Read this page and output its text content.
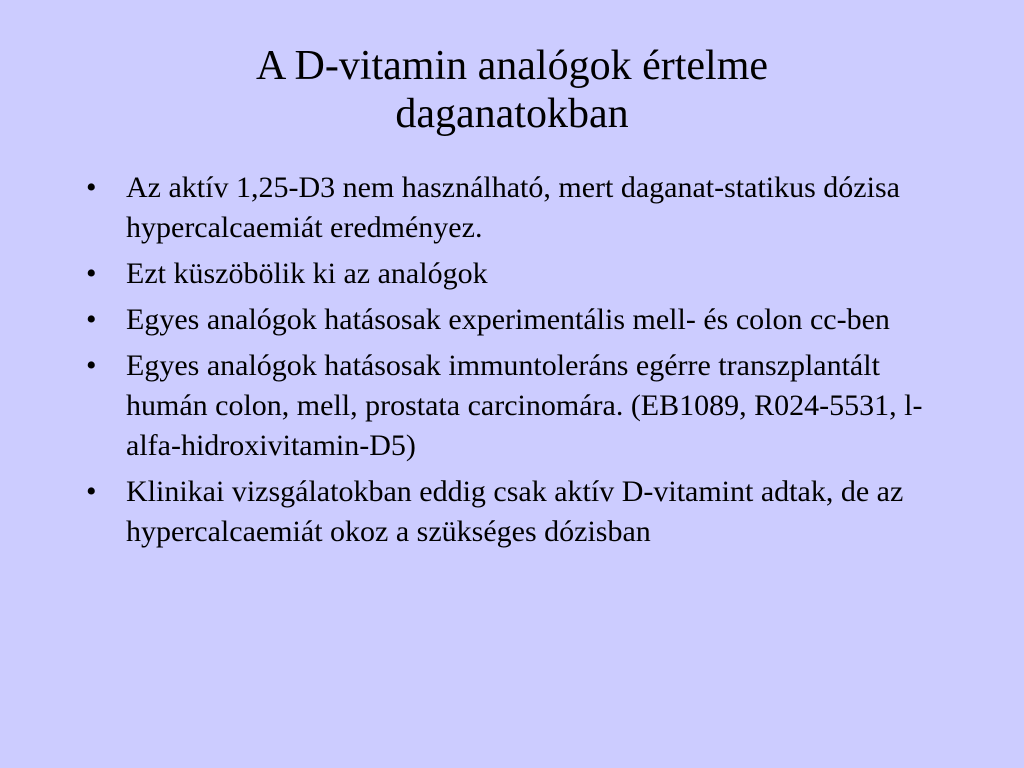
A D-vitamin analógok értelme
daganatokban
• Az aktív 1,25-D3 nem használható, mert daganat-statikus dózisa hypercalcaemiát eredményez.
• Ezt küszöbölik ki az analógok
• Egyes analógok hatásosak experimentális mell- és colon cc-ben
• Egyes analógok hatásosak immuntoleráns egérre transzplantált humán colon, mell, prostata carcinomára. (EB1089, R024-5531, l-alfa-hidroxivitamin-D5)
• Klinikai vizsgálatokban eddig csak aktív D-vitamint adtak, de az hypercalcaemiát okoz a szükséges dózisban
